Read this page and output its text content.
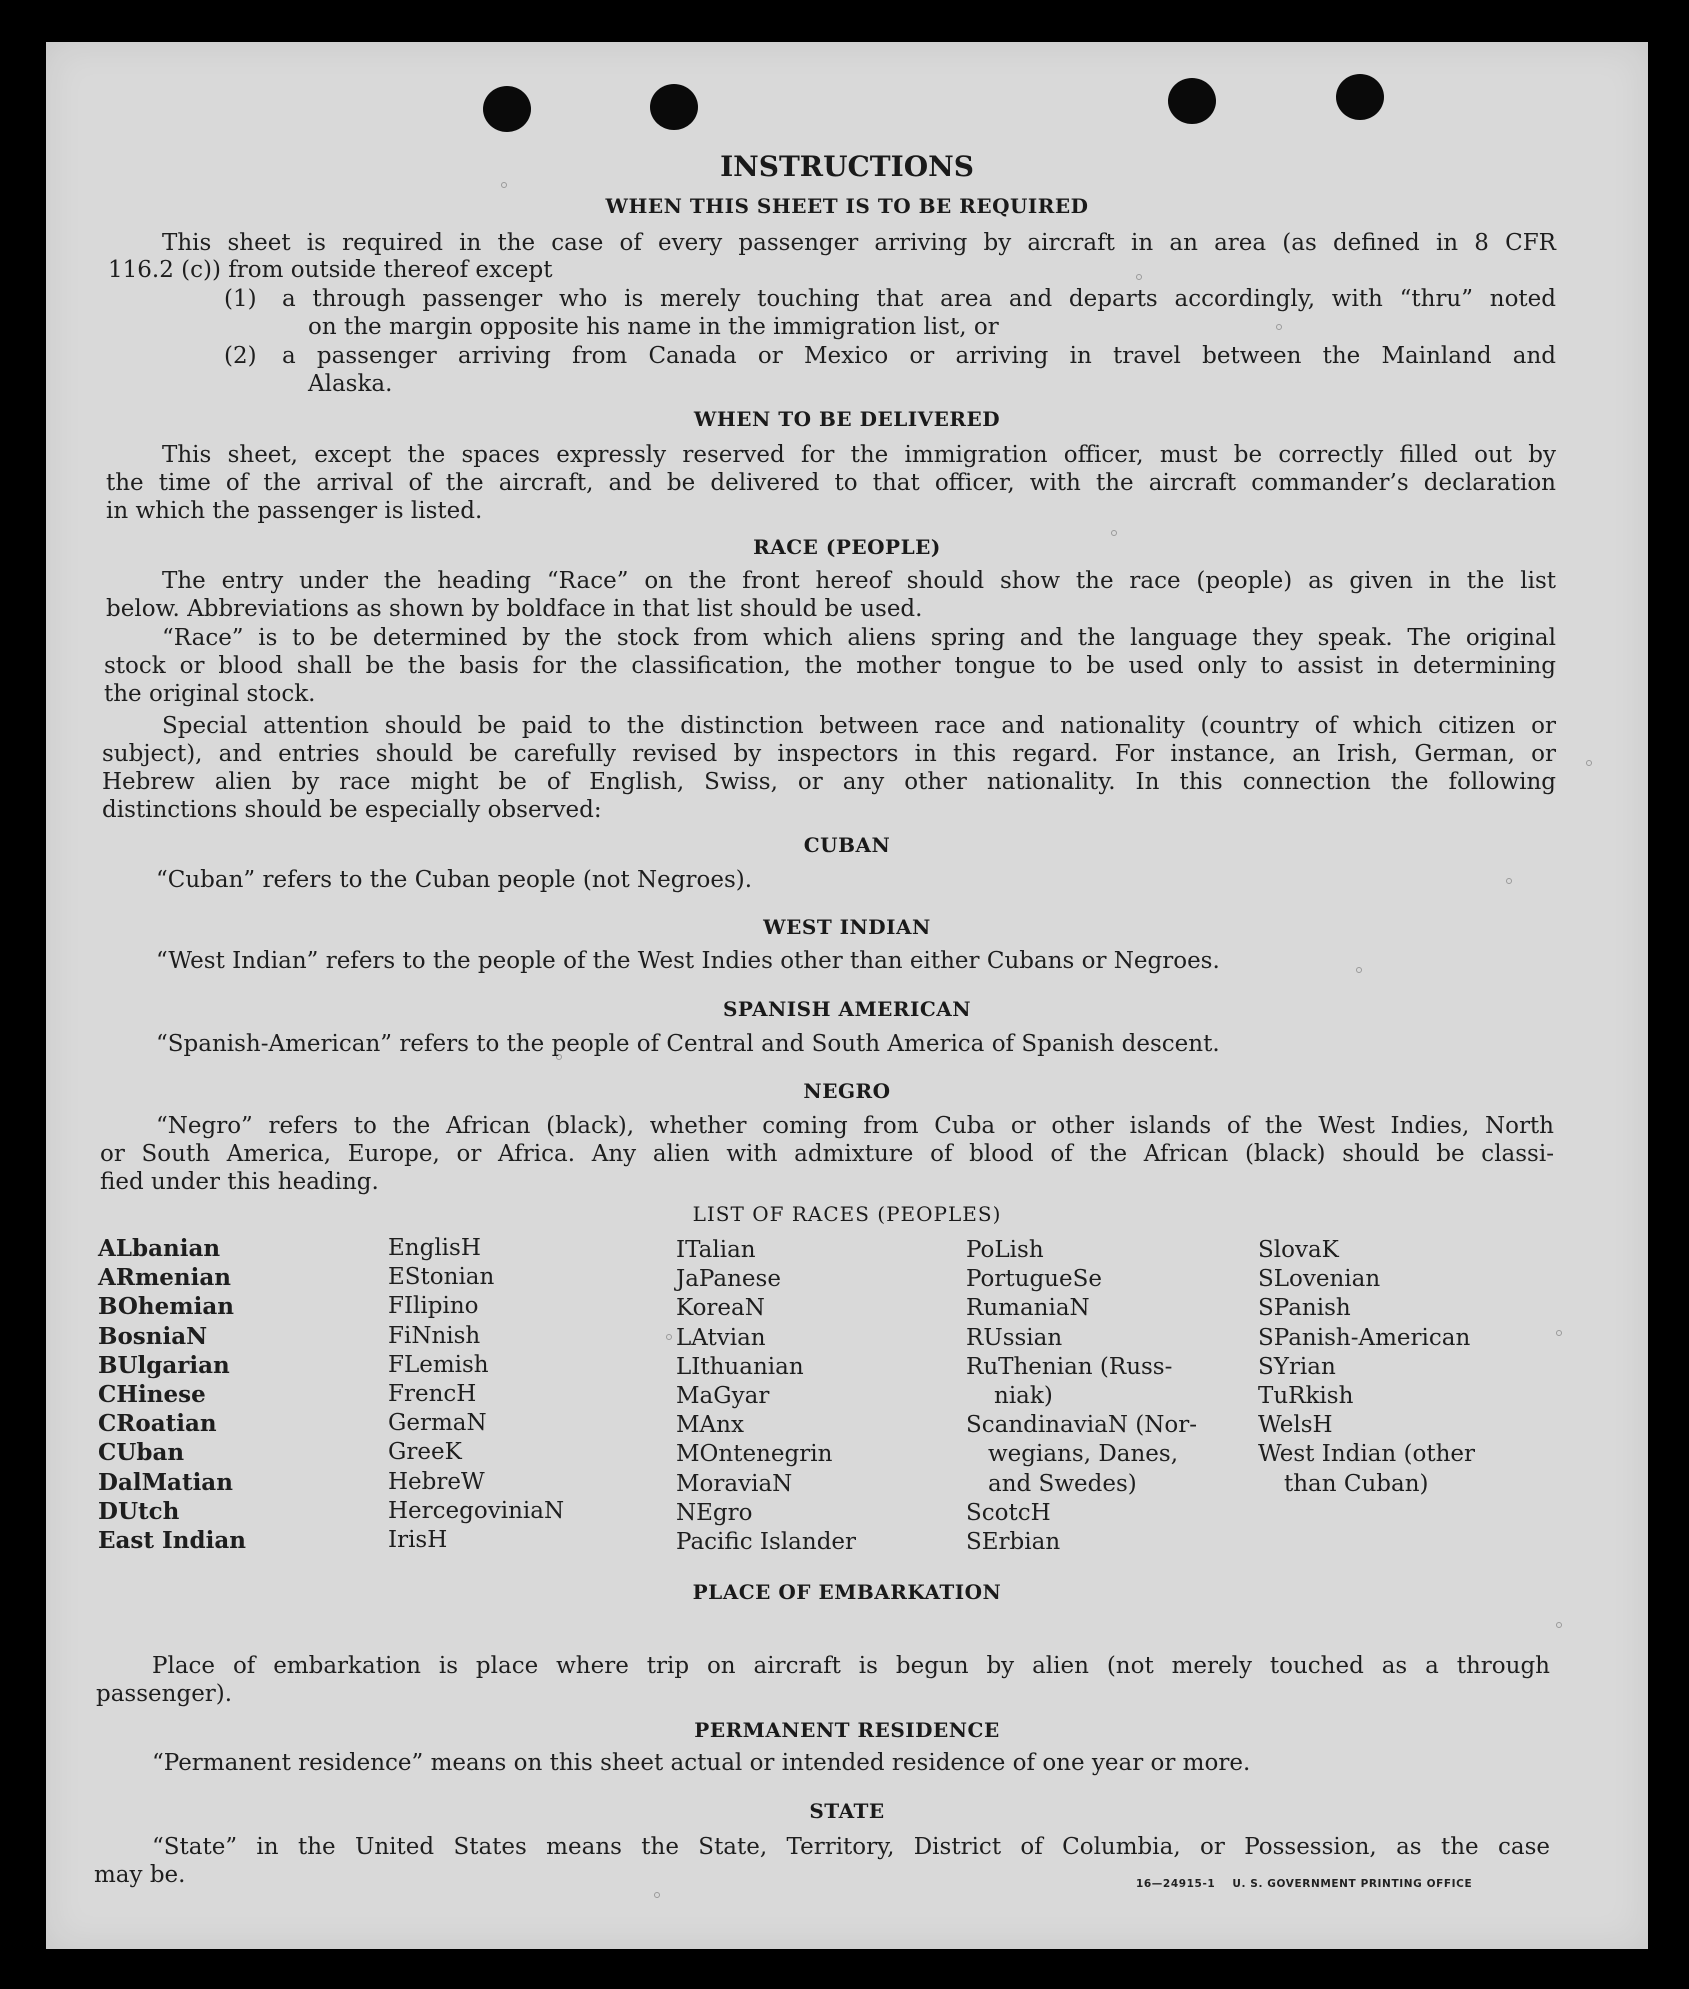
INSTRUCTIONS
WHEN THIS SHEET IS TO BE REQUIRED
This sheet is required in the case of every passenger arriving by aircraft in an area (as defined in 8 CFR
116.2 (c)) from outside thereof except
(1) a through passenger who is merely touching that area and departs accordingly, with “thru” noted
on the margin opposite his name in the immigration list, or
(2) a passenger arriving from Canada or Mexico or arriving in travel between the Mainland and
Alaska.
WHEN TO BE DELIVERED
This sheet, except the spaces expressly reserved for the immigration officer, must be correctly filled out by
the time of the arrival of the aircraft, and be delivered to that officer, with the aircraft commander’s declaration
in which the passenger is listed.
RACE (PEOPLE)
The entry under the heading “Race” on the front hereof should show the race (people) as given in the list
below. Abbreviations as shown by boldface in that list should be used.
“Race” is to be determined by the stock from which aliens spring and the language they speak. The original
stock or blood shall be the basis for the classification, the mother tongue to be used only to assist in determining
the original stock.
Special attention should be paid to the distinction between race and nationality (country of which citizen or
subject), and entries should be carefully revised by inspectors in this regard. For instance, an Irish, German, or
Hebrew alien by race might be of English, Swiss, or any other nationality. In this connection the following
distinctions should be especially observed:
CUBAN
“Cuban” refers to the Cuban people (not Negroes).
WEST INDIAN
“West Indian” refers to the people of the West Indies other than either Cubans or Negroes.
SPANISH AMERICAN
“Spanish-American” refers to the people of Central and South America of Spanish descent.
NEGRO
“Negro” refers to the African (black), whether coming from Cuba or other islands of the West Indies, North
or South America, Europe, or Africa. Any alien with admixture of blood of the African (black) should be classi-
fied under this heading.
LIST OF RACES (PEOPLES)
ALbanian
ARmenian
BOhemian
BosniaN
BUlgarian
CHinese
CRoatian
CUban
DalMatian
DUtch
East Indian
EnglisH
EStonian
FIlipino
FiNnish
FLemish
FrencH
GermaN
GreeK
HebreW
HercegoviniaN
IrisH
ITalian
JaPanese
KoreaN
LAtvian
LIthuanian
MaGyar
MAnx
MOntenegrin
MoraviaN
NEgro
Pacific Islander
PoLish
PortugueSe
RumaniaN
RUssian
RuThenian (Russ-
niak)
ScandinaviaN (Nor-
wegians, Danes,
and Swedes)
ScotcH
SErbian
SlovaK
SLovenian
SPanish
SPanish-American
SYrian
TuRkish
WelsH
West Indian (other
than Cuban)
PLACE OF EMBARKATION
Place of embarkation is place where trip on aircraft is begun by alien (not merely touched as a through
passenger).
PERMANENT RESIDENCE
“Permanent residence” means on this sheet actual or intended residence of one year or more.
STATE
“State” in the United States means the State, Territory, District of Columbia, or Possession, as the case
may be.	16—24915-1    U. S. GOVERNMENT PRINTING OFFICE
